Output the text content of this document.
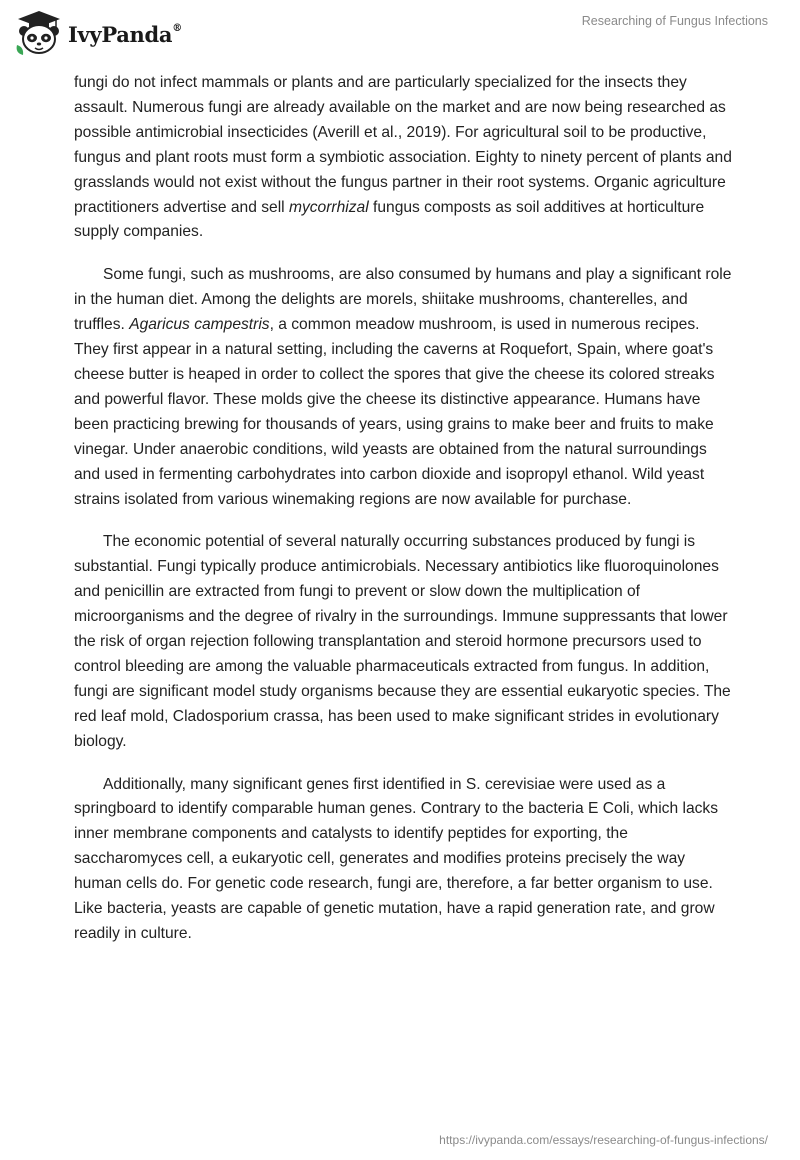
IvyPanda®	Researching of Fungus Infections

fungi do not infect mammals or plants and are particularly specialized for the insects they assault. Numerous fungi are already available on the market and are now being researched as possible antimicrobial insecticides (Averill et al., 2019). For agricultural soil to be productive, fungus and plant roots must form a symbiotic association. Eighty to ninety percent of plants and grasslands would not exist without the fungus partner in their root systems. Organic agriculture practitioners advertise and sell mycorrhizal fungus composts as soil additives at horticulture supply companies.

Some fungi, such as mushrooms, are also consumed by humans and play a significant role in the human diet. Among the delights are morels, shiitake mushrooms, chanterelles, and truffles. Agaricus campestris, a common meadow mushroom, is used in numerous recipes. They first appear in a natural setting, including the caverns at Roquefort, Spain, where goat's cheese butter is heaped in order to collect the spores that give the cheese its colored streaks and powerful flavor. These molds give the cheese its distinctive appearance. Humans have been practicing brewing for thousands of years, using grains to make beer and fruits to make vinegar. Under anaerobic conditions, wild yeasts are obtained from the natural surroundings and used in fermenting carbohydrates into carbon dioxide and isopropyl ethanol. Wild yeast strains isolated from various winemaking regions are now available for purchase.

The economic potential of several naturally occurring substances produced by fungi is substantial. Fungi typically produce antimicrobials. Necessary antibiotics like fluoroquinolones and penicillin are extracted from fungi to prevent or slow down the multiplication of microorganisms and the degree of rivalry in the surroundings. Immune suppressants that lower the risk of organ rejection following transplantation and steroid hormone precursors used to control bleeding are among the valuable pharmaceuticals extracted from fungus. In addition, fungi are significant model study organisms because they are essential eukaryotic species. The red leaf mold, Cladosporium crassa, has been used to make significant strides in evolutionary biology.

Additionally, many significant genes first identified in S. cerevisiae were used as a springboard to identify comparable human genes. Contrary to the bacteria E Coli, which lacks inner membrane components and catalysts to identify peptides for exporting, the saccharomyces cell, a eukaryotic cell, generates and modifies proteins precisely the way human cells do. For genetic code research, fungi are, therefore, a far better organism to use. Like bacteria, yeasts are capable of genetic mutation, have a rapid generation rate, and grow readily in culture.

https://ivypanda.com/essays/researching-of-fungus-infections/
